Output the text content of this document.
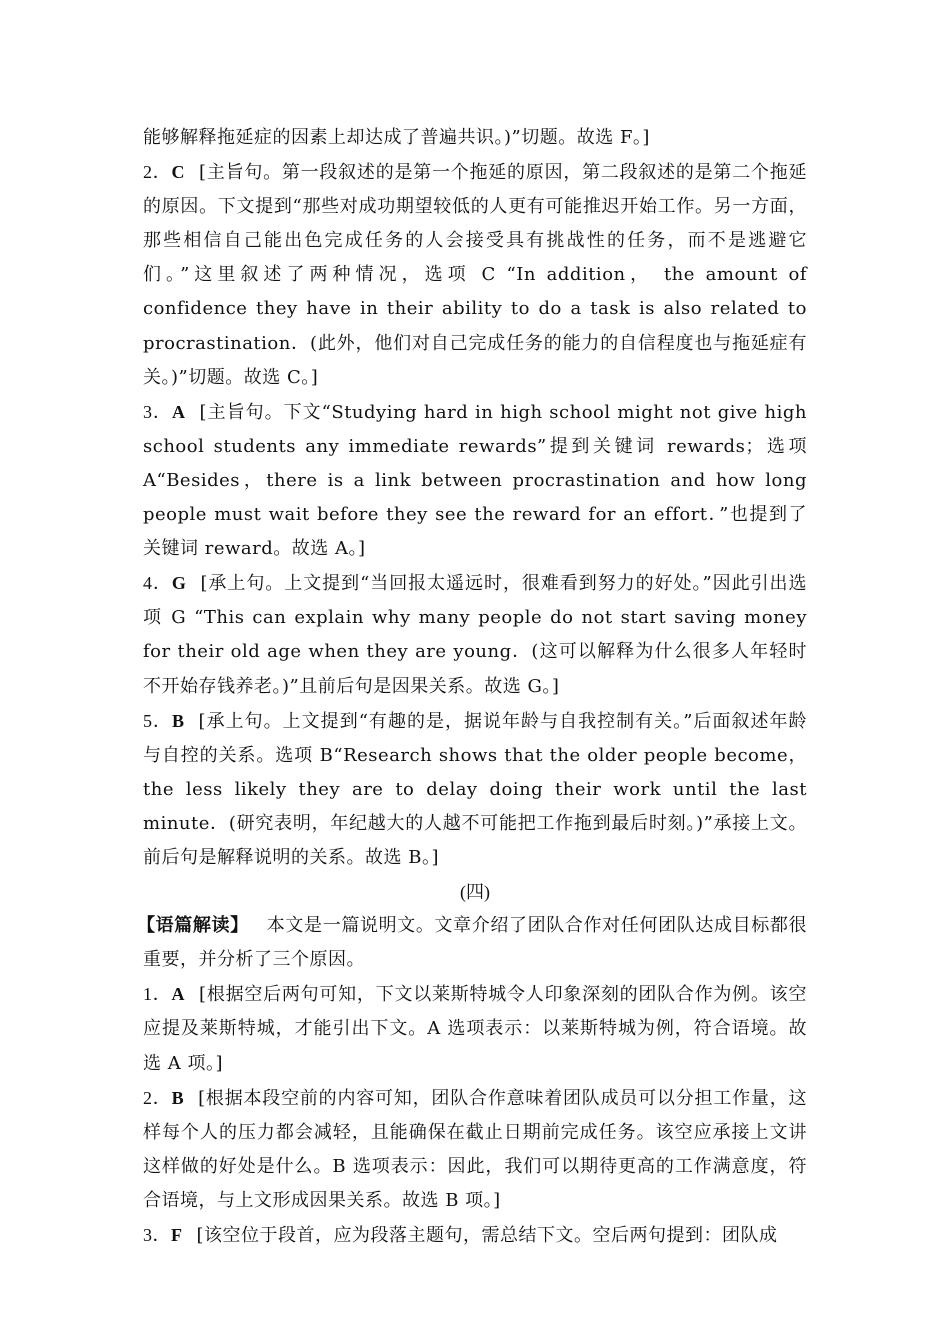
能够解释拖延症的因素上却达成了普遍共识。)”切题。故选 F。]

2．C [主旨句。第一段叙述的是第一个拖延的原因，第二段叙述的是第二个拖延的原因。下文提到“那些对成功期望较低的人更有可能推迟开始工作。另一方面，那些相信自己能出色完成任务的人会接受具有挑战性的任务，而不是逃避它们。”这里叙述了两种情况，选项 C “In addition， the amount of confidence they have in their ability to do a task is also related to procrastination．(此外，他们对自己完成任务的能力的自信程度也与拖延症有关。)”切题。故选 C。]

3．A [主旨句。下文“Studying hard in high school might not give high school students any immediate rewards”提到关键词 rewards；选项 A“Besides，there is a link between procrastination and how long people must wait before they see the reward for an effort．”也提到了关键词 reward。故选 A。]

4．G [承上句。上文提到“当回报太遥远时，很难看到努力的好处。”因此引出选项 G “This can explain why many people do not start saving money for their old age when they are young．(这可以解释为什么很多人年轻时不开始存钱养老。)”且前后句是因果关系。故选 G。]

5．B [承上句。上文提到“有趣的是，据说年龄与自我控制有关。”后面叙述年龄与自控的关系。选项 B“Research shows that the older people become， the less likely they are to delay doing their work until the last minute．(研究表明，年纪越大的人越不可能把工作拖到最后时刻。)”承接上文。前后句是解释说明的关系。故选 B。]

(四)

【语篇解读】 本文是一篇说明文。文章介绍了团队合作对任何团队达成目标都很重要，并分析了三个原因。

1．A [根据空后两句可知，下文以莱斯特城令人印象深刻的团队合作为例。该空应提及莱斯特城，才能引出下文。A 选项表示：以莱斯特城为例，符合语境。故选 A 项。]

2．B [根据本段空前的内容可知，团队合作意味着团队成员可以分担工作量，这样每个人的压力都会减轻，且能确保在截止日期前完成任务。该空应承接上文讲这样做的好处是什么。B 选项表示：因此，我们可以期待更高的工作满意度，符合语境，与上文形成因果关系。故选 B 项。]

3．F [该空位于段首，应为段落主题句，需总结下文。空后两句提到：团队成
